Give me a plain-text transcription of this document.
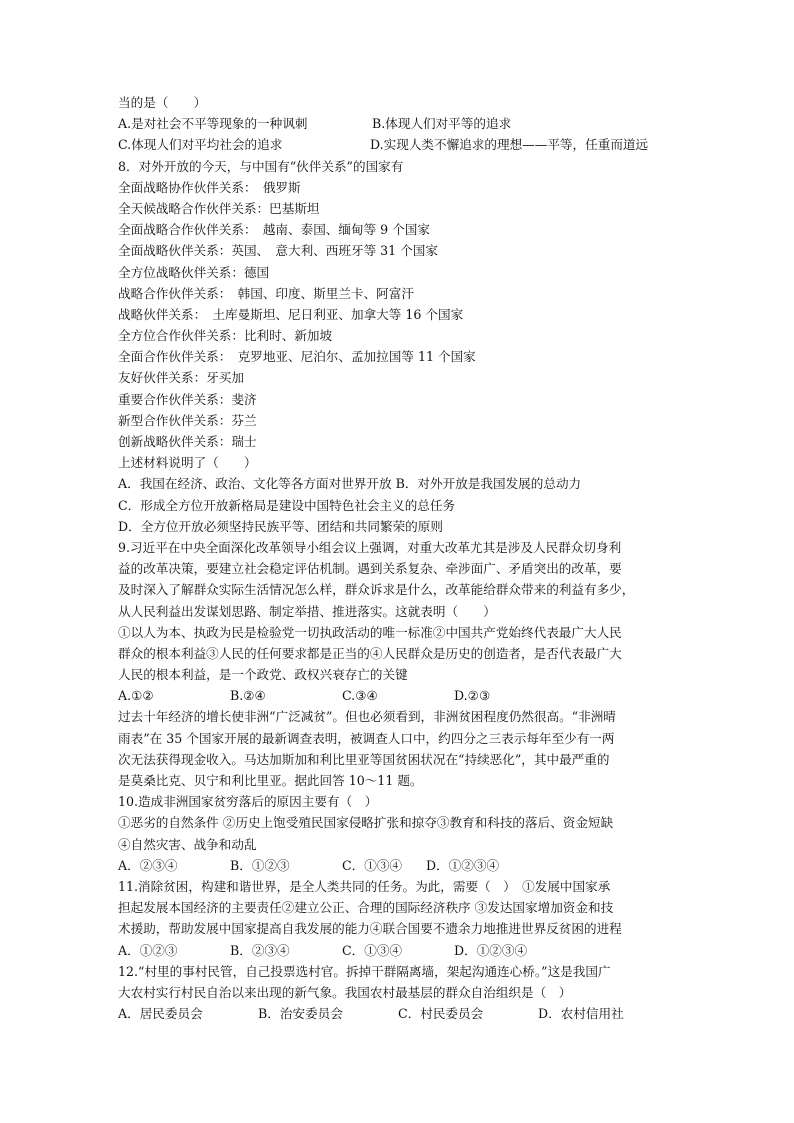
当的是（　　）
A.是对社会不平等现象的一种讽刺	B.体现人们对平等的追求
C.体现人们对平均社会的追求	D.实现人类不懈追求的理想——平等，任重而道远
8．对外开放的今天，与中国有“伙伴关系”的国家有
全面战略协作伙伴关系：　俄罗斯
全天候战略合作伙伴关系：巴基斯坦
全面战略合作伙伴关系：　越南、泰国、缅甸等 9 个国家
全面战略伙伴关系：英国、　意大利、西班牙等 31 个国家
全方位战略伙伴关系：德国
战略合作伙伴关系：　韩国、印度、斯里兰卡、阿富汗
战略伙伴关系：　土库曼斯坦、尼日利亚、加拿大等 16 个国家
全方位合作伙伴关系：比利时、新加坡
全面合作伙伴关系：　克罗地亚、尼泊尔、孟加拉国等 11 个国家
友好伙伴关系：牙买加
重要合作伙伴关系：斐济
新型合作伙伴关系：芬兰
创新战略伙伴关系：瑞士
上述材料说明了（　　）
A．我国在经济、政治、文化等各方面对世界开放 B．对外开放是我国发展的总动力
C．形成全方位开放新格局是建设中国特色社会主义的总任务
D．全方位开放必须坚持民族平等、团结和共同繁荣的原则
9.习近平在中央全面深化改革领导小组会议上强调，对重大改革尤其是涉及人民群众切身利
益的改革决策，要建立社会稳定评估机制。遇到关系复杂、牵涉面广、矛盾突出的改革，要
及时深入了解群众实际生活情况怎么样，群众诉求是什么，改革能给群众带来的利益有多少，
从人民利益出发谋划思路、制定举措、推进落实。这就表明（　　）
①以人为本、执政为民是检验党一切执政活动的唯一标准②中国共产党始终代表最广大人民
群众的根本利益③人民的任何要求都是正当的④人民群众是历史的创造者，是否代表最广大
人民的根本利益，是一个政党、政权兴衰存亡的关键
A.①②	B.②④	C.③④	D.②③
过去十年经济的增长使非洲“广泛减贫”。但也必须看到，非洲贫困程度仍然很高。“非洲晴
雨表”在 35 个国家开展的最新调查表明，被调查人口中，约四分之三表示每年至少有一两
次无法获得现金收入。马达加斯加和利比里亚等国贫困状况在“持续恶化”，其中最严重的
是莫桑比克、贝宁和利比里亚。据此回答 10～11 题。
10.造成非洲国家贫穷落后的原因主要有（　）
①恶劣的自然条件 ②历史上饱受殖民国家侵略扩张和掠夺③教育和科技的落后、资金短缺
④自然灾害、战争和动乱
A．②③④	B．①②③	C．①③④ D．①②③④
11.消除贫困，构建和谐世界，是全人类共同的任务。为此，需要（　）　①发展中国家承
担起发展本国经济的主要责任②建立公正、合理的国际经济秩序 ③发达国家增加资金和技
术援助，帮助发展中国家提高自我发展的能力④联合国要不遗余力地推进世界反贫困的进程
A．①②③	B．②③④	C．①③④	D．①②③④
12.“村里的事村民管，自己投票选村官。拆掉干群隔离墙，架起沟通连心桥。”这是我国广
大农村实行村民自治以来出现的新气象。我国农村最基层的群众自治组织是（　）
A．居民委员会	B．治安委员会	C．村民委员会	D．农村信用社
